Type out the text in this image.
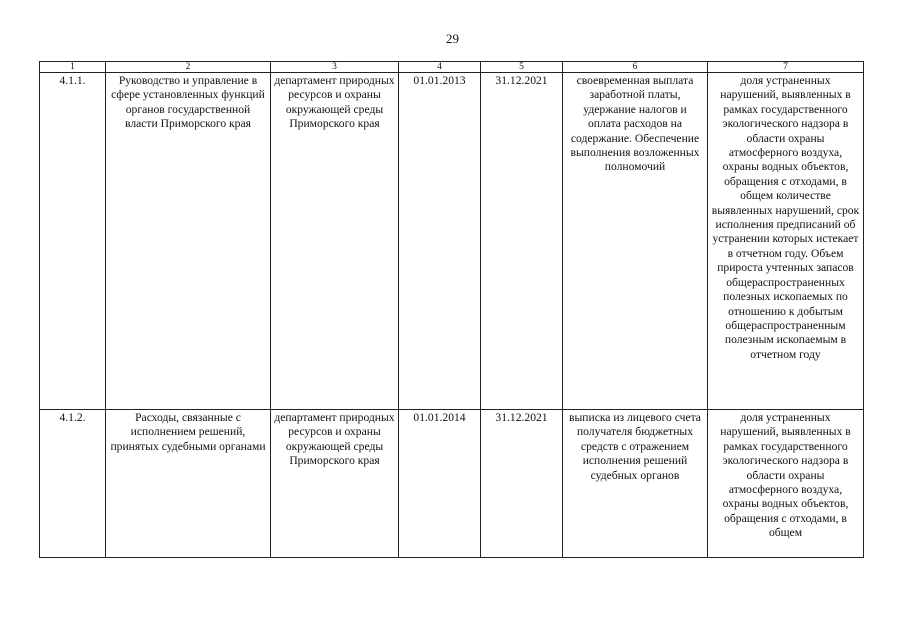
29
1	2	3	4	5	6	7
4.1.1.	Руководство и управление в сфере установленных функций органов государственной власти Приморского края	департамент природных ресурсов и охраны окружающей среды Приморского края	01.01.2013	31.12.2021	своевременная выплата заработной платы, удержание налогов и оплата расходов на содержание. Обеспечение выполнения возложенных полномочий	доля устраненных нарушений, выявленных в рамках государственного экологического надзора в области охраны атмосферного воздуха, охраны водных объектов, обращения с отходами, в общем количестве выявленных нарушений, срок исполнения предписаний об устранении которых истекает в отчетном году. Объем прироста учтенных запасов общераспространенных полезных ископаемых по отношению к добытым общераспространенным полезным ископаемым в отчетном году
4.1.2.	Расходы, связанные с исполнением решений, принятых судебными органами	департамент природных ресурсов и охраны окружающей среды Приморского края	01.01.2014	31.12.2021	выписка из лицевого счета получателя бюджетных средств с отражением исполнения решений судебных органов	доля устраненных нарушений, выявленных в рамках государственного экологического надзора в области охраны атмосферного воздуха, охраны водных объектов, обращения с отходами, в общем
